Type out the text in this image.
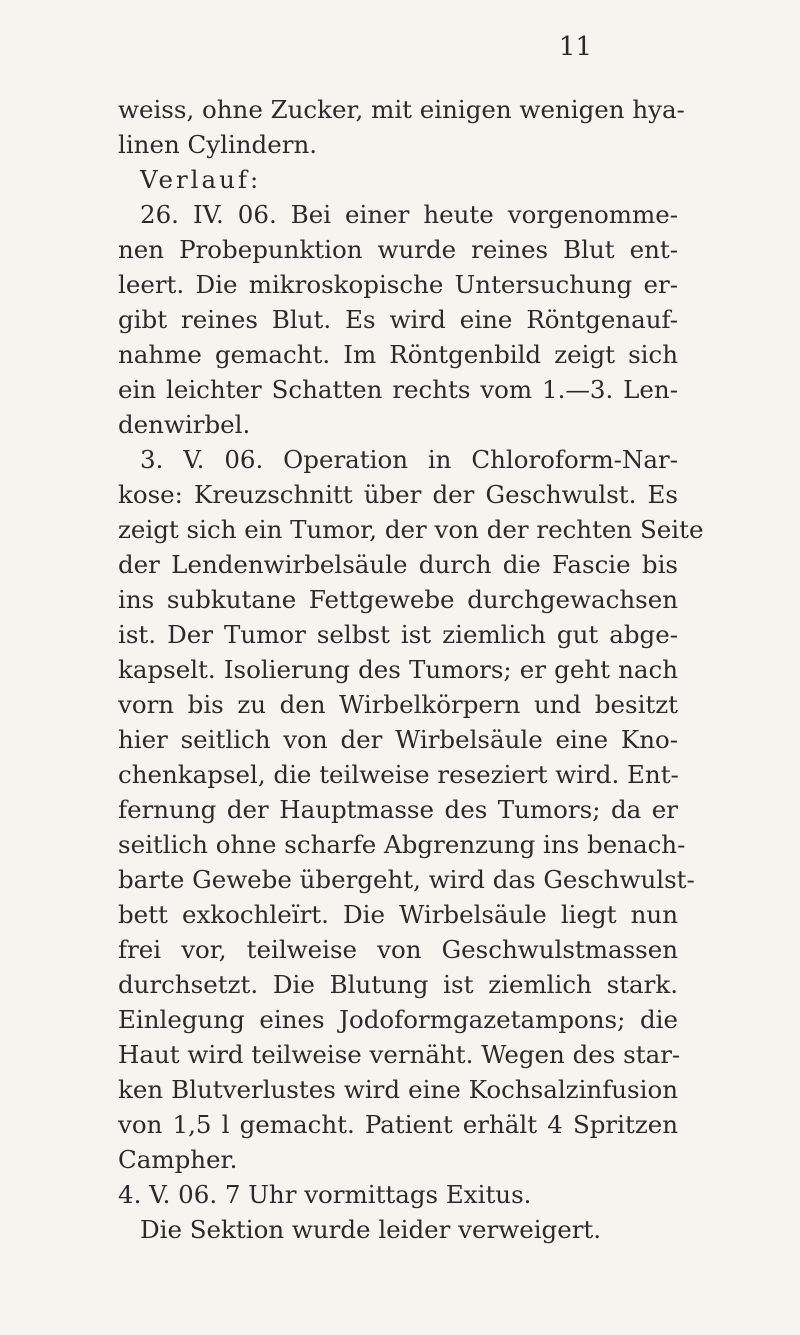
11
weiss, ohne Zucker, mit einigen wenigen hya-
linen Cylindern.
Verlauf:
26. IV. 06. Bei einer heute vorgenomme-
nen Probepunktion wurde reines Blut ent-
leert. Die mikroskopische Untersuchung er-
gibt reines Blut. Es wird eine Röntgenauf-
nahme gemacht. Im Röntgenbild zeigt sich
ein leichter Schatten rechts vom 1.—3. Len-
denwirbel.
3. V. 06. Operation in Chloroform-Nar-
kose: Kreuzschnitt über der Geschwulst. Es
zeigt sich ein Tumor, der von der rechten Seite
der Lendenwirbelsäule durch die Fascie bis
ins subkutane Fettgewebe durchgewachsen
ist. Der Tumor selbst ist ziemlich gut abge-
kapselt. Isolierung des Tumors; er geht nach
vorn bis zu den Wirbelkörpern und besitzt
hier seitlich von der Wirbelsäule eine Kno-
chenkapsel, die teilweise reseziert wird. Ent-
fernung der Hauptmasse des Tumors; da er
seitlich ohne scharfe Abgrenzung ins benach-
barte Gewebe übergeht, wird das Geschwulst-
bett exkochleïrt. Die Wirbelsäule liegt nun
frei vor, teilweise von Geschwulstmassen
durchsetzt. Die Blutung ist ziemlich stark.
Einlegung eines Jodoformgazetampons; die
Haut wird teilweise vernäht. Wegen des star-
ken Blutverlustes wird eine Kochsalzinfusion
von 1,5 l gemacht. Patient erhält 4 Spritzen
Campher.
4. V. 06. 7 Uhr vormittags Exitus.
Die Sektion wurde leider verweigert.
